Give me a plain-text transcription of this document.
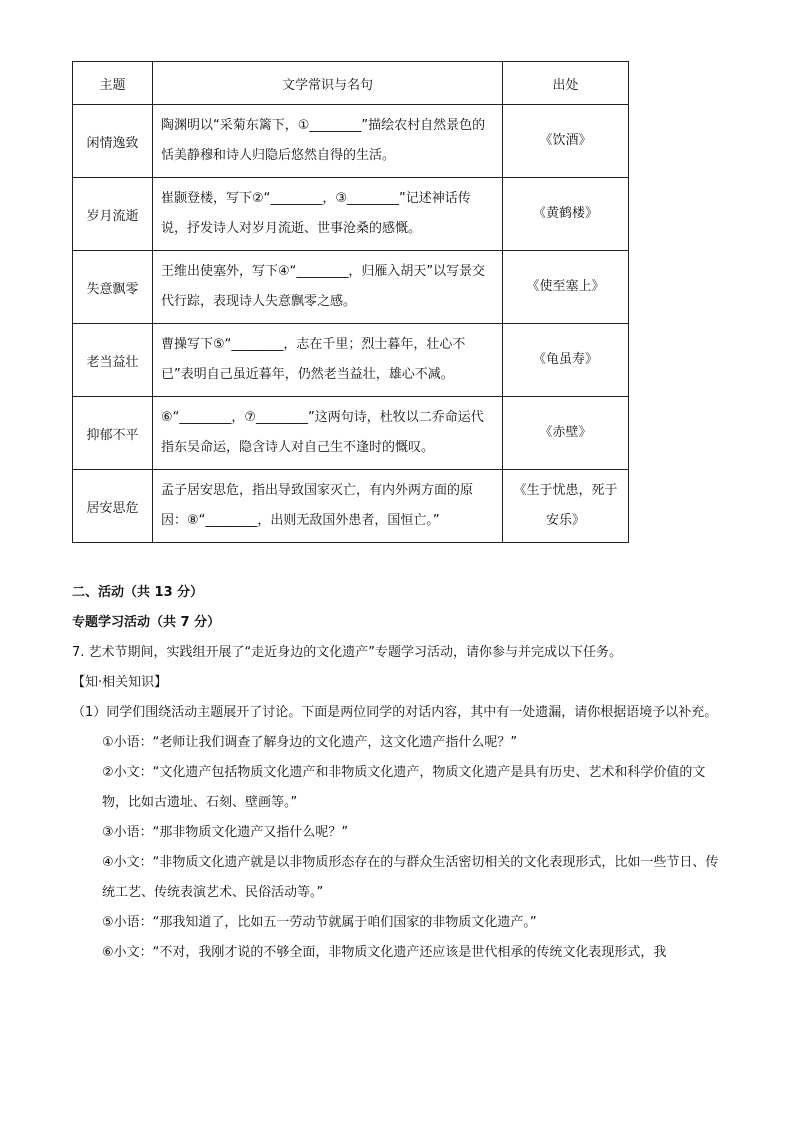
主题	文学常识与名句	出处
闲情逸致	陶渊明以“采菊东篱下，①________”描绘农村自然景色的恬美静穆和诗人归隐后悠然自得的生活。	《饮酒》
岁月流逝	崔颢登楼，写下②“________，③________”记述神话传说，抒发诗人对岁月流逝、世事沧桑的感慨。	《黄鹤楼》
失意飘零	王维出使塞外，写下④“________，归雁入胡天”以写景交代行踪，表现诗人失意飘零之感。	《使至塞上》
老当益壮	曹操写下⑤“________，志在千里；烈士暮年，壮心不已”表明自己虽近暮年，仍然老当益壮，雄心不减。	《龟虽寿》
抑郁不平	⑥“________，⑦________”这两句诗，杜牧以二乔命运代指东吴命运，隐含诗人对自己生不逢时的慨叹。	《赤壁》
居安思危	孟子居安思危，指出导致国家灭亡，有内外两方面的原因：⑧“________，出则无敌国外患者，国恒亡。”	《生于忧患，死于安乐》

二、活动（共 13 分）

专题学习活动（共 7 分）

7. 艺术节期间，实践组开展了“走近身边的文化遗产”专题学习活动，请你参与并完成以下任务。

【知·相关知识】

（1）同学们围绕活动主题展开了讨论。下面是两位同学的对话内容，其中有一处遗漏，请你根据语境予以补充。

①小语：“老师让我们调查了解身边的文化遗产，这文化遗产指什么呢？”

②小文：“文化遗产包括物质文化遗产和非物质文化遗产，物质文化遗产是具有历史、艺术和科学价值的文物，比如古遗址、石刻、壁画等。”

③小语：“那非物质文化遗产又指什么呢？”

④小文：“非物质文化遗产就是以非物质形态存在的与群众生活密切相关的文化表现形式，比如一些节日、传统工艺、传统表演艺术、民俗活动等。”

⑤小语：“那我知道了，比如五一劳动节就属于咱们国家的非物质文化遗产。”

⑥小文：“不对，我刚才说的不够全面，非物质文化遗产还应该是世代相承的传统文化表现形式，我
